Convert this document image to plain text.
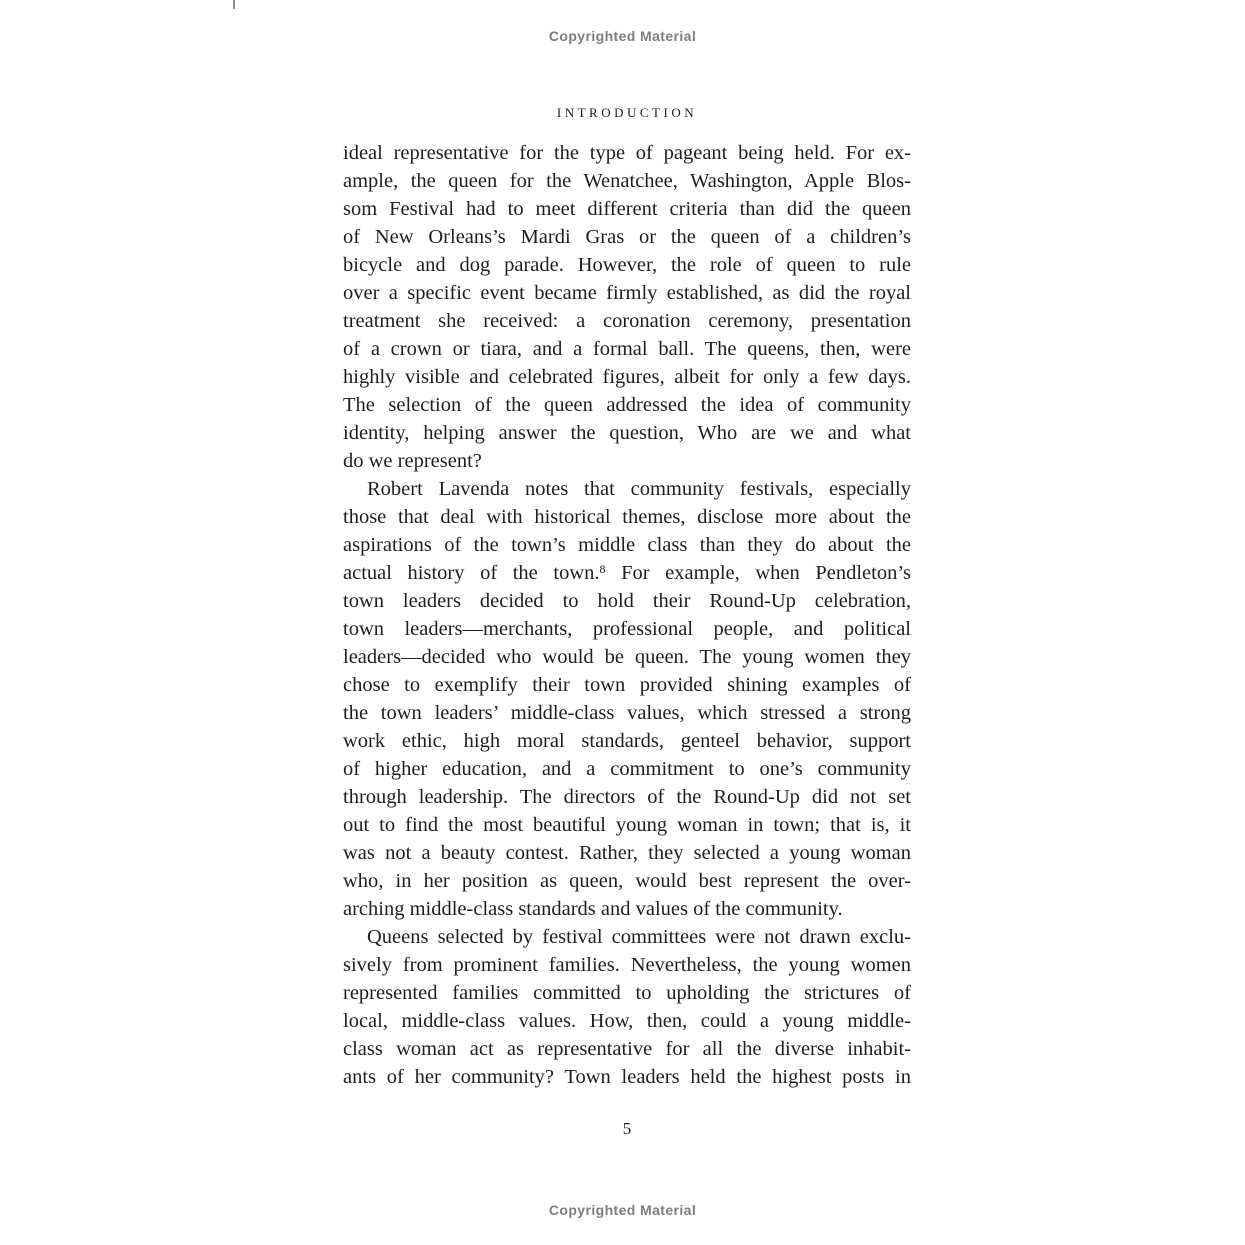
Copyrighted Material
INTRODUCTION
ideal representative for the type of pageant being held. For ex-
ample, the queen for the Wenatchee, Washington, Apple Blos-
som Festival had to meet different criteria than did the queen
of New Orleans’s Mardi Gras or the queen of a children’s
bicycle and dog parade. However, the role of queen to rule
over a specific event became firmly established, as did the royal
treatment she received: a coronation ceremony, presentation
of a crown or tiara, and a formal ball. The queens, then, were
highly visible and celebrated figures, albeit for only a few days.
The selection of the queen addressed the idea of community
identity, helping answer the question, Who are we and what
do we represent?
Robert Lavenda notes that community festivals, especially
those that deal with historical themes, disclose more about the
aspirations of the town’s middle class than they do about the
actual history of the town.$^8$ For example, when Pendleton’s
town leaders decided to hold their Round-Up celebration,
town leaders—merchants, professional people, and political
leaders—decided who would be queen. The young women they
chose to exemplify their town provided shining examples of
the town leaders’ middle-class values, which stressed a strong
work ethic, high moral standards, genteel behavior, support
of higher education, and a commitment to one’s community
through leadership. The directors of the Round-Up did not set
out to find the most beautiful young woman in town; that is, it
was not a beauty contest. Rather, they selected a young woman
who, in her position as queen, would best represent the over-
arching middle-class standards and values of the community.
Queens selected by festival committees were not drawn exclu-
sively from prominent families. Nevertheless, the young women
represented families committed to upholding the strictures of
local, middle-class values. How, then, could a young middle-
class woman act as representative for all the diverse inhabit-
ants of her community? Town leaders held the highest posts in
5
Copyrighted Material
